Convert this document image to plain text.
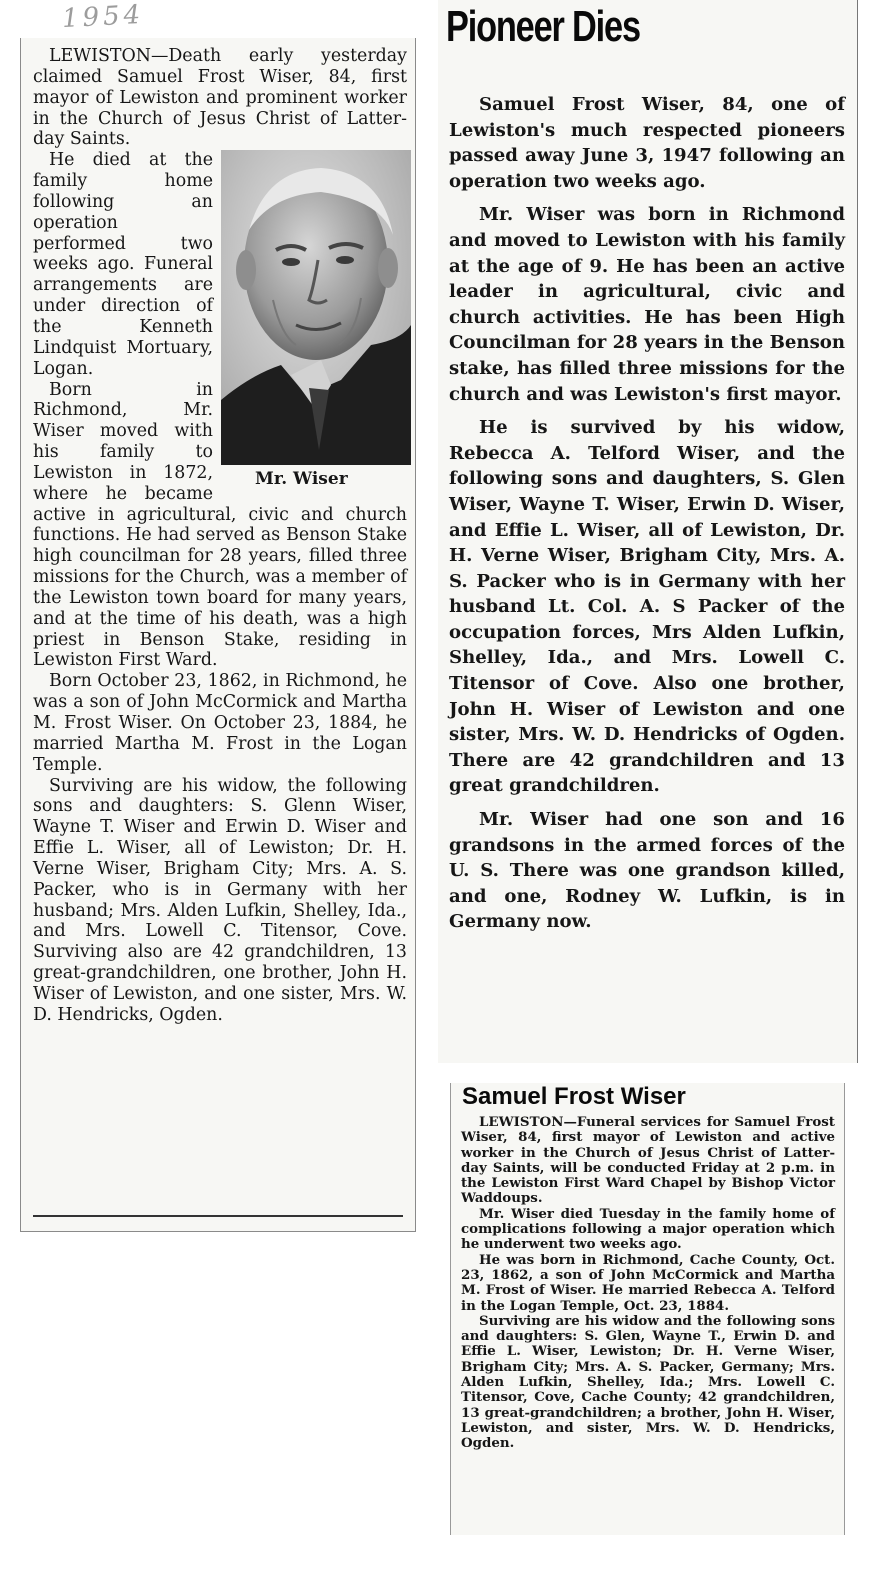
1954

LEWISTON—Death early yesterday claimed Samuel Frost Wiser, 84, first mayor of Lewiston and prominent worker in the Church of Jesus Christ of Latter-day Saints.

Mr. Wiser

He died at the family home following an operation performed two weeks ago. Funeral arrangements are under direction of the Kenneth Lindquist Mortuary, Logan.

Born in Richmond, Mr. Wiser moved with his family to Lewiston in 1872, where he became active in agricultural, civic and church functions. He had served as Benson Stake high councilman for 28 years, filled three missions for the Church, was a member of the Lewiston town board for many years, and at the time of his death, was a high priest in Benson Stake, residing in Lewiston First Ward.

Born October 23, 1862, in Richmond, he was a son of John McCormick and Martha M. Frost Wiser. On October 23, 1884, he married Martha M. Frost in the Logan Temple.

Surviving are his widow, the following sons and daughters: S. Glenn Wiser, Wayne T. Wiser and Erwin D. Wiser and Effie L. Wiser, all of Lewiston; Dr. H. Verne Wiser, Brigham City; Mrs. A. S. Packer, who is in Germany with her husband; Mrs. Alden Lufkin, Shelley, Ida., and Mrs. Lowell C. Titensor, Cove. Surviving also are 42 grandchildren, 13 great-grandchildren, one brother, John H. Wiser of Lewiston, and one sister, Mrs. W. D. Hendricks, Ogden.

Pioneer Dies

Samuel Frost Wiser, 84, one of Lewiston's much respected pioneers passed away June 3, 1947 following an operation two weeks ago.

Mr. Wiser was born in Richmond and moved to Lewiston with his family at the age of 9. He has been an active leader in agricultural, civic and church activities. He has been High Councilman for 28 years in the Benson stake, has filled three missions for the church and was Lewiston's first mayor.

He is survived by his widow, Rebecca A. Telford Wiser, and the following sons and daughters, S. Glen Wiser, Wayne T. Wiser, Erwin D. Wiser, and Effie L. Wiser, all of Lewiston, Dr. H. Verne Wiser, Brigham City, Mrs. A. S. Packer who is in Germany with her husband Lt. Col. A. S Packer of the occupation forces, Mrs Alden Lufkin, Shelley, Ida., and Mrs. Lowell C. Titensor of Cove. Also one brother, John H. Wiser of Lewiston and one sister, Mrs. W. D. Hendricks of Ogden. There are 42 grandchildren and 13 great grandchildren.

Mr. Wiser had one son and 16 grandsons in the armed forces of the U. S. There was one grandson killed, and one, Rodney W. Lufkin, is in Germany now.

Samuel Frost Wiser

LEWISTON—Funeral services for Samuel Frost Wiser, 84, first mayor of Lewiston and active worker in the Church of Jesus Christ of Latter-day Saints, will be conducted Friday at 2 p.m. in the Lewiston First Ward Chapel by Bishop Victor Waddoups.

Mr. Wiser died Tuesday in the family home of complications following a major operation which he underwent two weeks ago.

He was born in Richmond, Cache County, Oct. 23, 1862, a son of John McCormick and Martha M. Frost of Wiser. He married Rebecca A. Telford in the Logan Temple, Oct. 23, 1884.

Surviving are his widow and the following sons and daughters: S. Glen, Wayne T., Erwin D. and Effie L. Wiser, Lewiston; Dr. H. Verne Wiser, Brigham City; Mrs. A. S. Packer, Germany; Mrs. Alden Lufkin, Shelley, Ida.; Mrs. Lowell C. Titensor, Cove, Cache County; 42 grandchildren, 13 great-grandchildren; a brother, John H. Wiser, Lewiston, and sister, Mrs. W. D. Hendricks, Ogden.
